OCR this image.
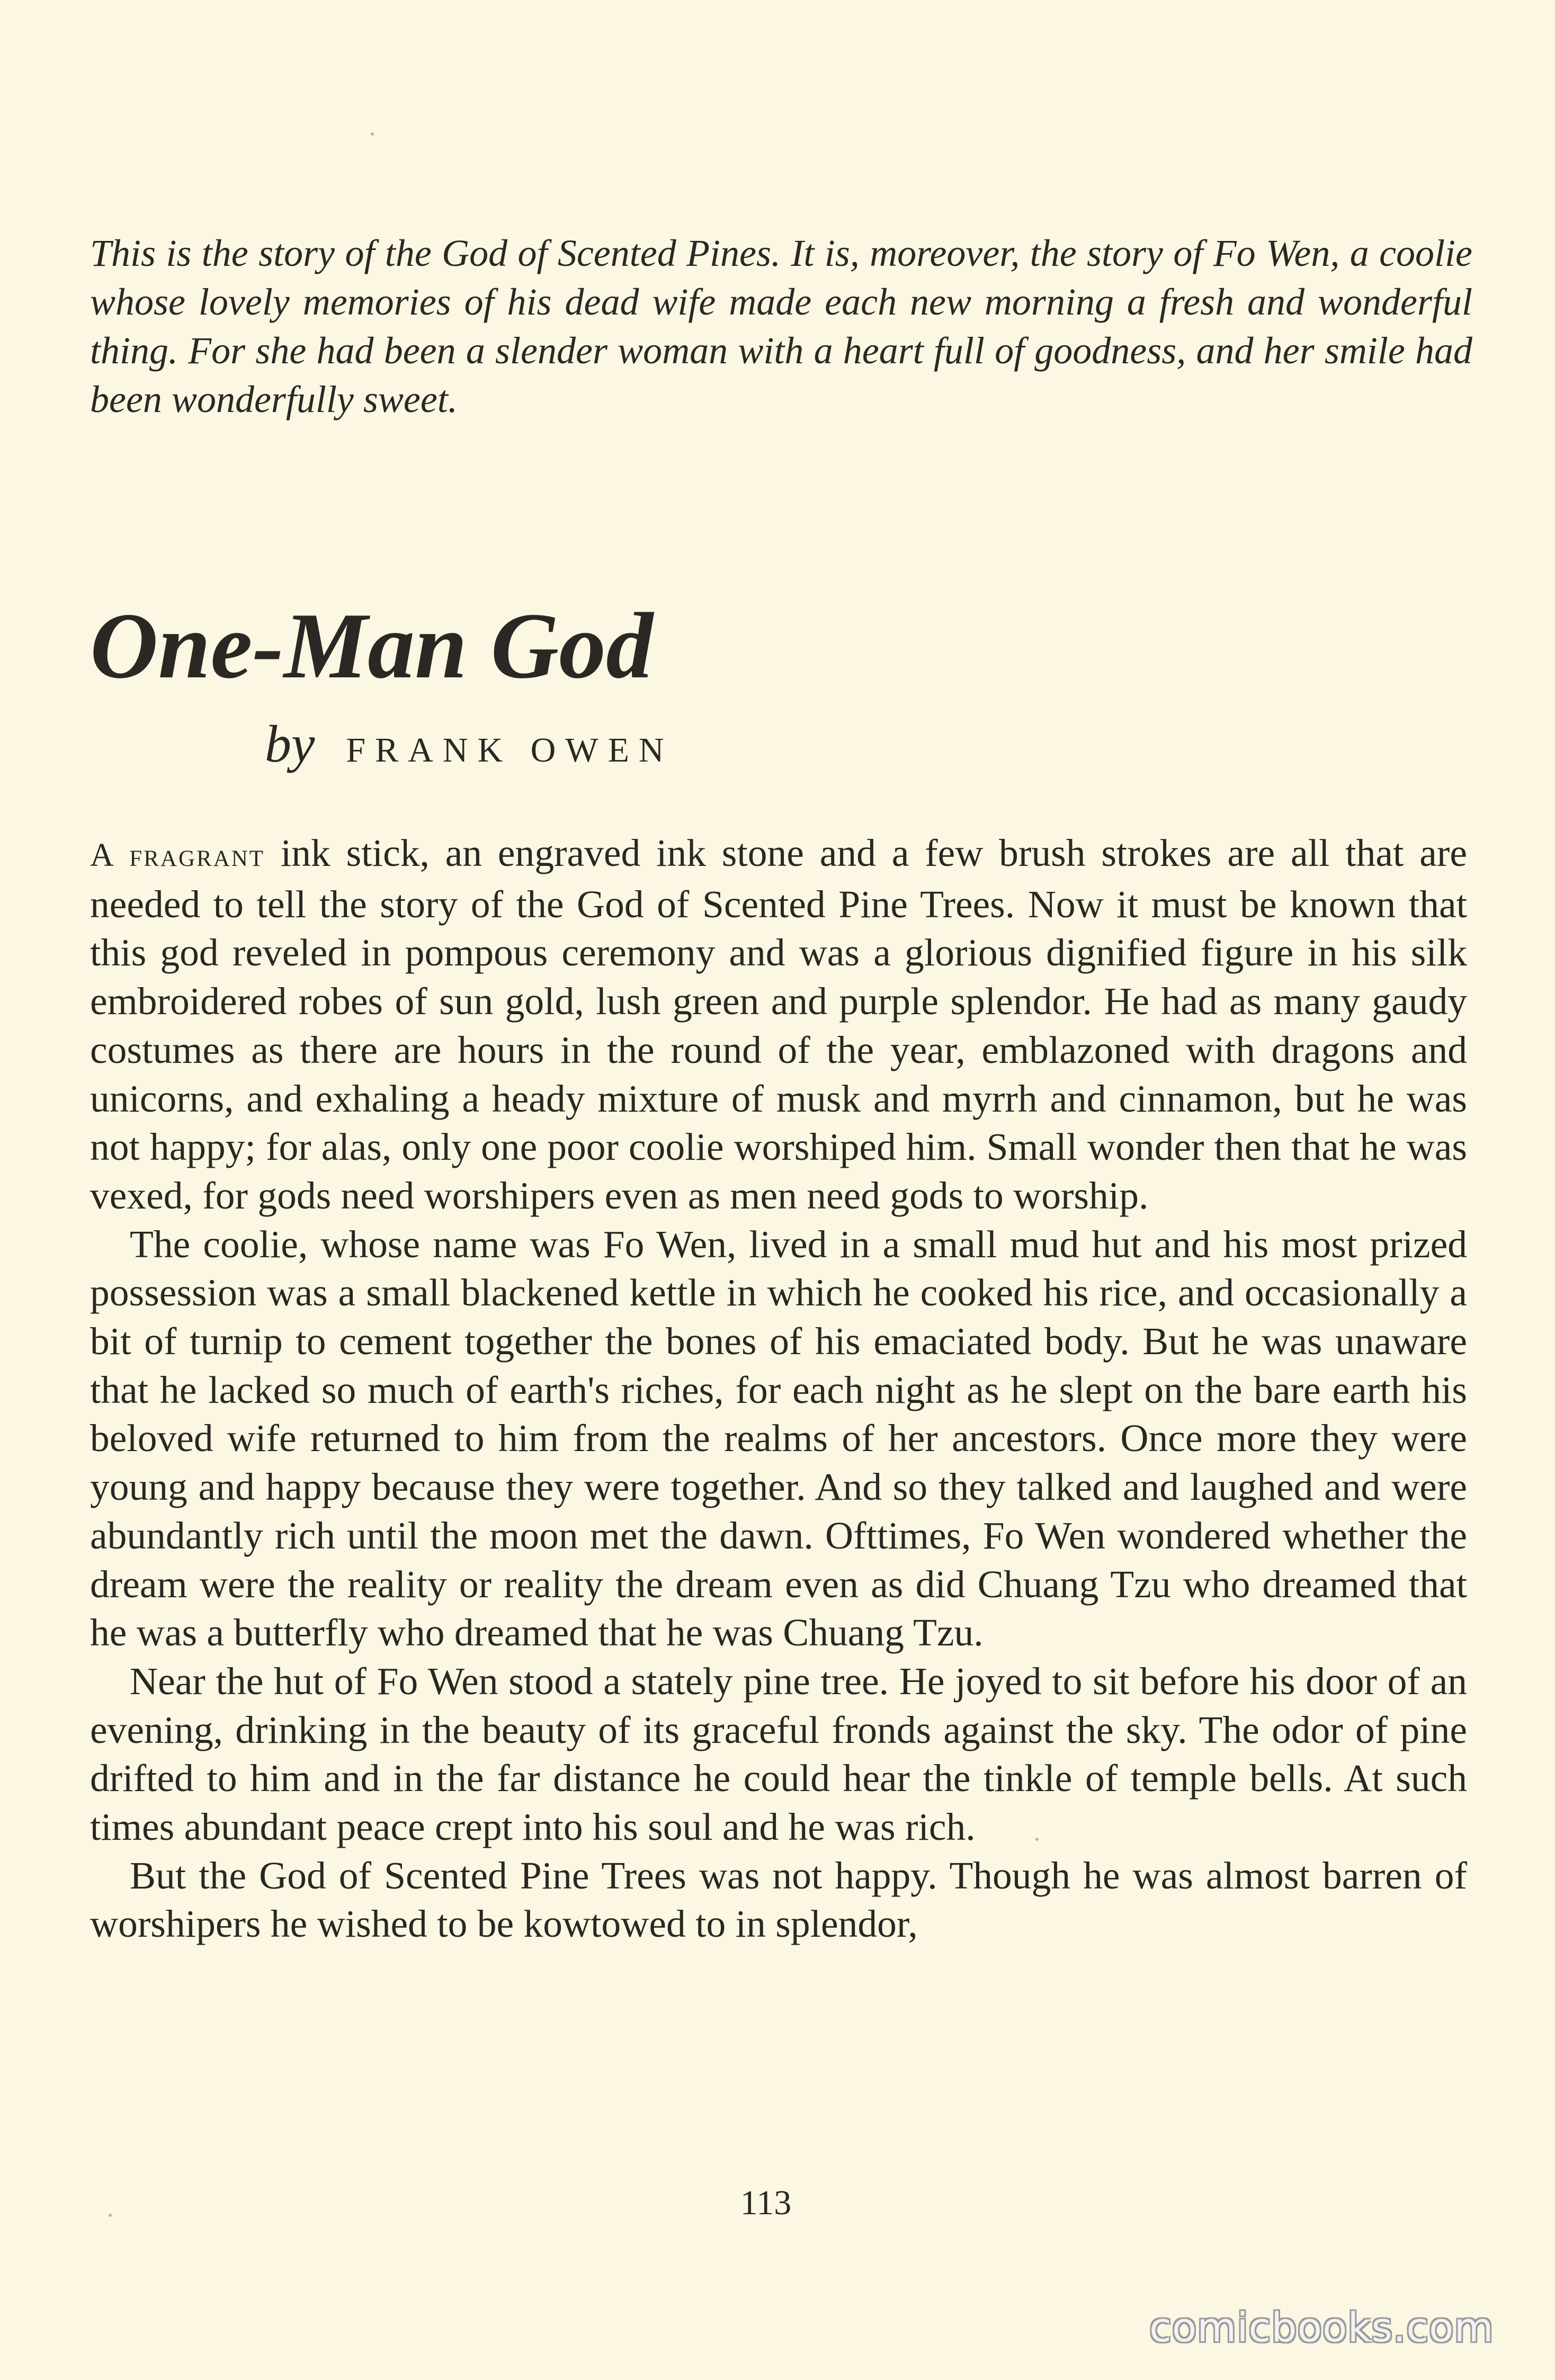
This is the story of the God of Scented Pines. It is, moreover, the story of Fo Wen, a coolie whose lovely memories of his dead wife made each new morning a fresh and wonderful thing. For she had been a slender woman with a heart full of goodness, and her smile had been wonderfully sweet.

One-Man God
by FRANK OWEN

A fragrant ink stick, an engraved ink stone and a few brush strokes are all that are needed to tell the story of the God of Scented Pine Trees. Now it must be known that this god reveled in pompous ceremony and was a glorious dignified figure in his silk embroidered robes of sun gold, lush green and purple splendor. He had as many gaudy costumes as there are hours in the round of the year, emblazoned with dragons and unicorns, and exhaling a heady mixture of musk and myrrh and cinnamon, but he was not happy; for alas, only one poor coolie worshiped him. Small wonder then that he was vexed, for gods need worshipers even as men need gods to worship.

The coolie, whose name was Fo Wen, lived in a small mud hut and his most prized possession was a small blackened kettle in which he cooked his rice, and occasionally a bit of turnip to cement together the bones of his emaciated body. But he was unaware that he lacked so much of earth's riches, for each night as he slept on the bare earth his beloved wife returned to him from the realms of her ancestors. Once more they were young and happy because they were together. And so they talked and laughed and were abundantly rich until the moon met the dawn. Ofttimes, Fo Wen wondered whether the dream were the reality or reality the dream even as did Chuang Tzu who dreamed that he was a butterfly who dreamed that he was Chuang Tzu.

Near the hut of Fo Wen stood a stately pine tree. He joyed to sit before his door of an evening, drinking in the beauty of its graceful fronds against the sky. The odor of pine drifted to him and in the far distance he could hear the tinkle of temple bells. At such times abundant peace crept into his soul and he was rich.

But the God of Scented Pine Trees was not happy. Though he was almost barren of worshipers he wished to be kowtowed to in splendor,

113
comicbooks.com
